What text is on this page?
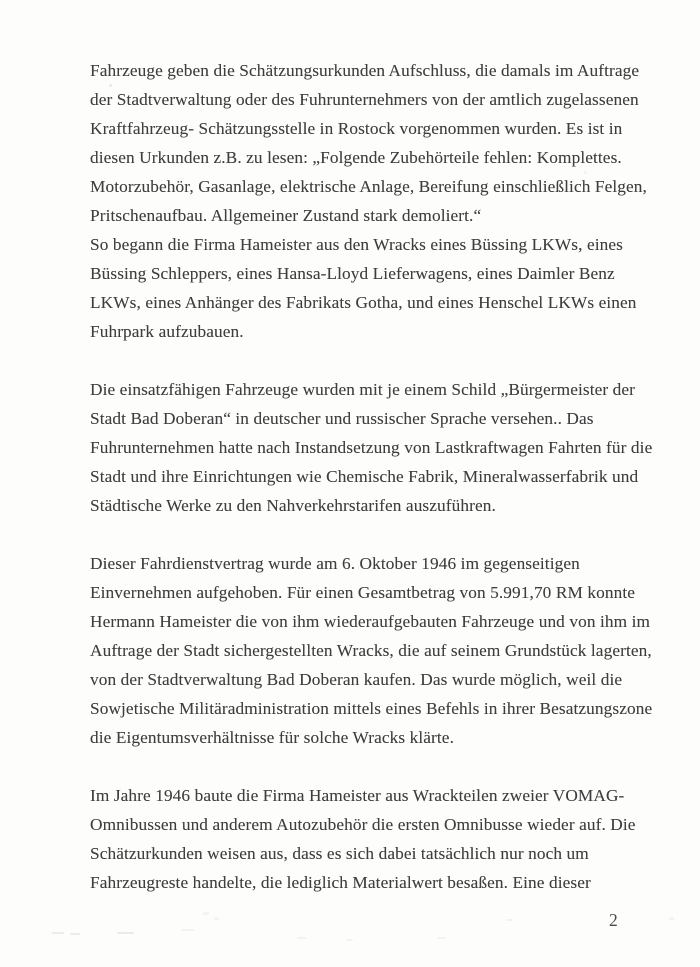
Fahrzeuge geben die Schätzungsurkunden Aufschluss, die damals im Auftrage
der Stadtverwaltung oder des Fuhrunternehmers von der amtlich zugelassenen
Kraftfahrzeug- Schätzungsstelle in Rostock vorgenommen wurden. Es ist in
diesen Urkunden z.B. zu lesen: „Folgende Zubehörteile fehlen: Komplettes.
Motorzubehör, Gasanlage, elektrische Anlage, Bereifung einschließlich Felgen,
Pritschenaufbau. Allgemeiner Zustand stark demoliert.“
So begann die Firma Hameister aus den Wracks eines Büssing LKWs, eines
Büssing Schleppers, eines Hansa-Lloyd Lieferwagens, eines Daimler Benz
LKWs, eines Anhänger des Fabrikats Gotha, und eines Henschel LKWs einen
Fuhrpark aufzubauen.
Die einsatzfähigen Fahrzeuge wurden mit je einem Schild „Bürgermeister der
Stadt Bad Doberan“ in deutscher und russischer Sprache versehen.. Das
Fuhrunternehmen hatte nach Instandsetzung von Lastkraftwagen Fahrten für die
Stadt und ihre Einrichtungen wie Chemische Fabrik, Mineralwasserfabrik und
Städtische Werke zu den Nahverkehrstarifen auszuführen.
Dieser Fahrdienstvertrag wurde am 6. Oktober 1946 im gegenseitigen
Einvernehmen aufgehoben. Für einen Gesamtbetrag von 5.991,70 RM konnte
Hermann Hameister die von ihm wiederaufgebauten Fahrzeuge und von ihm im
Auftrage der Stadt sichergestellten Wracks, die auf seinem Grundstück lagerten,
von der Stadtverwaltung Bad Doberan kaufen. Das wurde möglich, weil die
Sowjetische Militäradministration mittels eines Befehls in ihrer Besatzungszone
die Eigentumsverhältnisse für solche Wracks klärte.
Im Jahre 1946 baute die Firma Hameister aus Wrackteilen zweier VOMAG-
Omnibussen und anderem Autozubehör die ersten Omnibusse wieder auf. Die
Schätzurkunden weisen aus, dass es sich dabei tatsächlich nur noch um
Fahrzeugreste handelte, die lediglich Materialwert besaßen. Eine dieser
2
